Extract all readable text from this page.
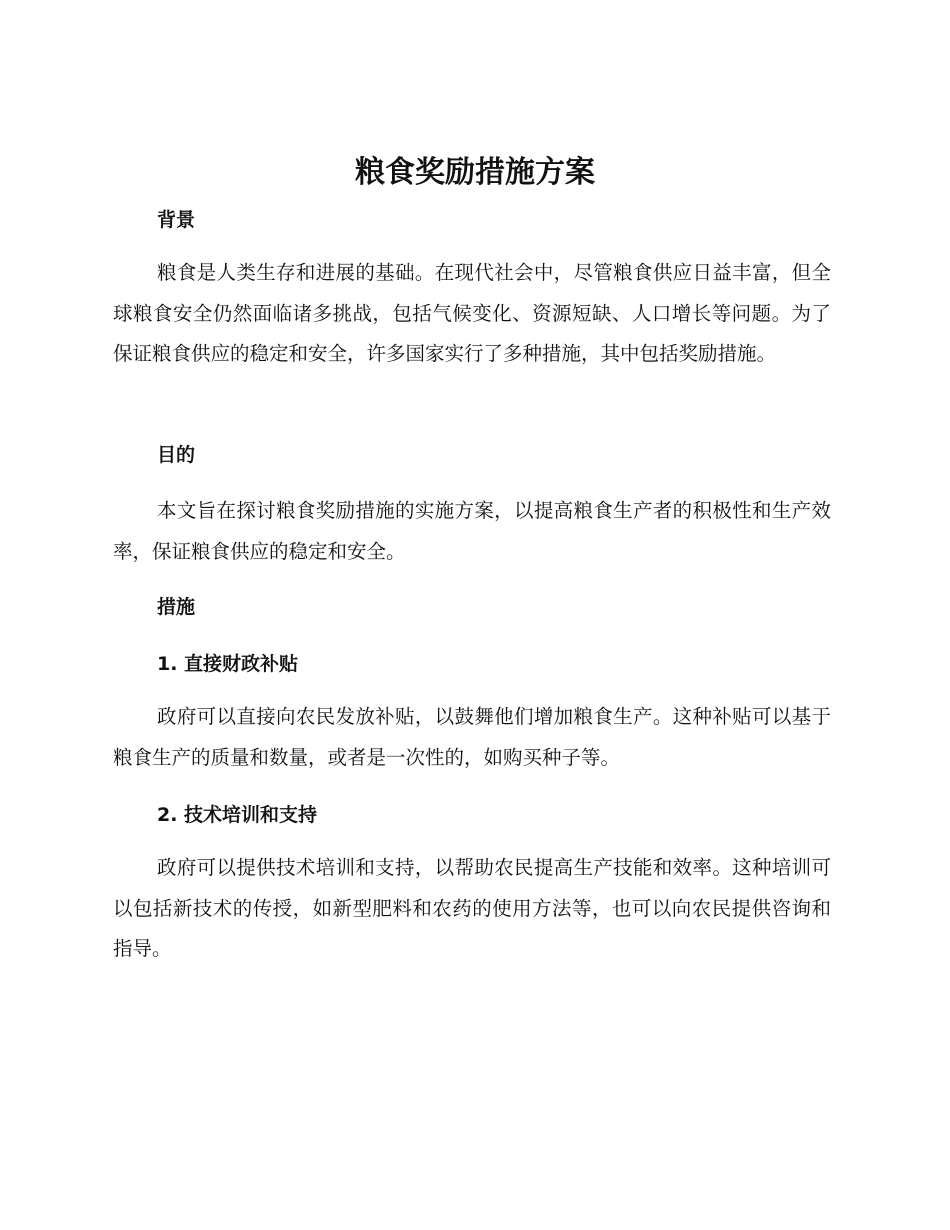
粮食奖励措施方案
背景

粮食是人类生存和进展的基础。在现代社会中，尽管粮食供应日益丰富，但全球粮食安全仍然面临诸多挑战，包括气候变化、资源短缺、人口增长等问题。为了保证粮食供应的稳定和安全，许多国家实行了多种措施，其中包括奖励措施。

目的

本文旨在探讨粮食奖励措施的实施方案，以提高粮食生产者的积极性和生产效率，保证粮食供应的稳定和安全。

措施
1. 直接财政补贴

政府可以直接向农民发放补贴，以鼓舞他们增加粮食生产。这种补贴可以基于粮食生产的质量和数量，或者是一次性的，如购买种子等。

2. 技术培训和支持

政府可以提供技术培训和支持，以帮助农民提高生产技能和效率。这种培训可以包括新技术的传授，如新型肥料和农药的使用方法等，也可以向农民提供咨询和指导。
